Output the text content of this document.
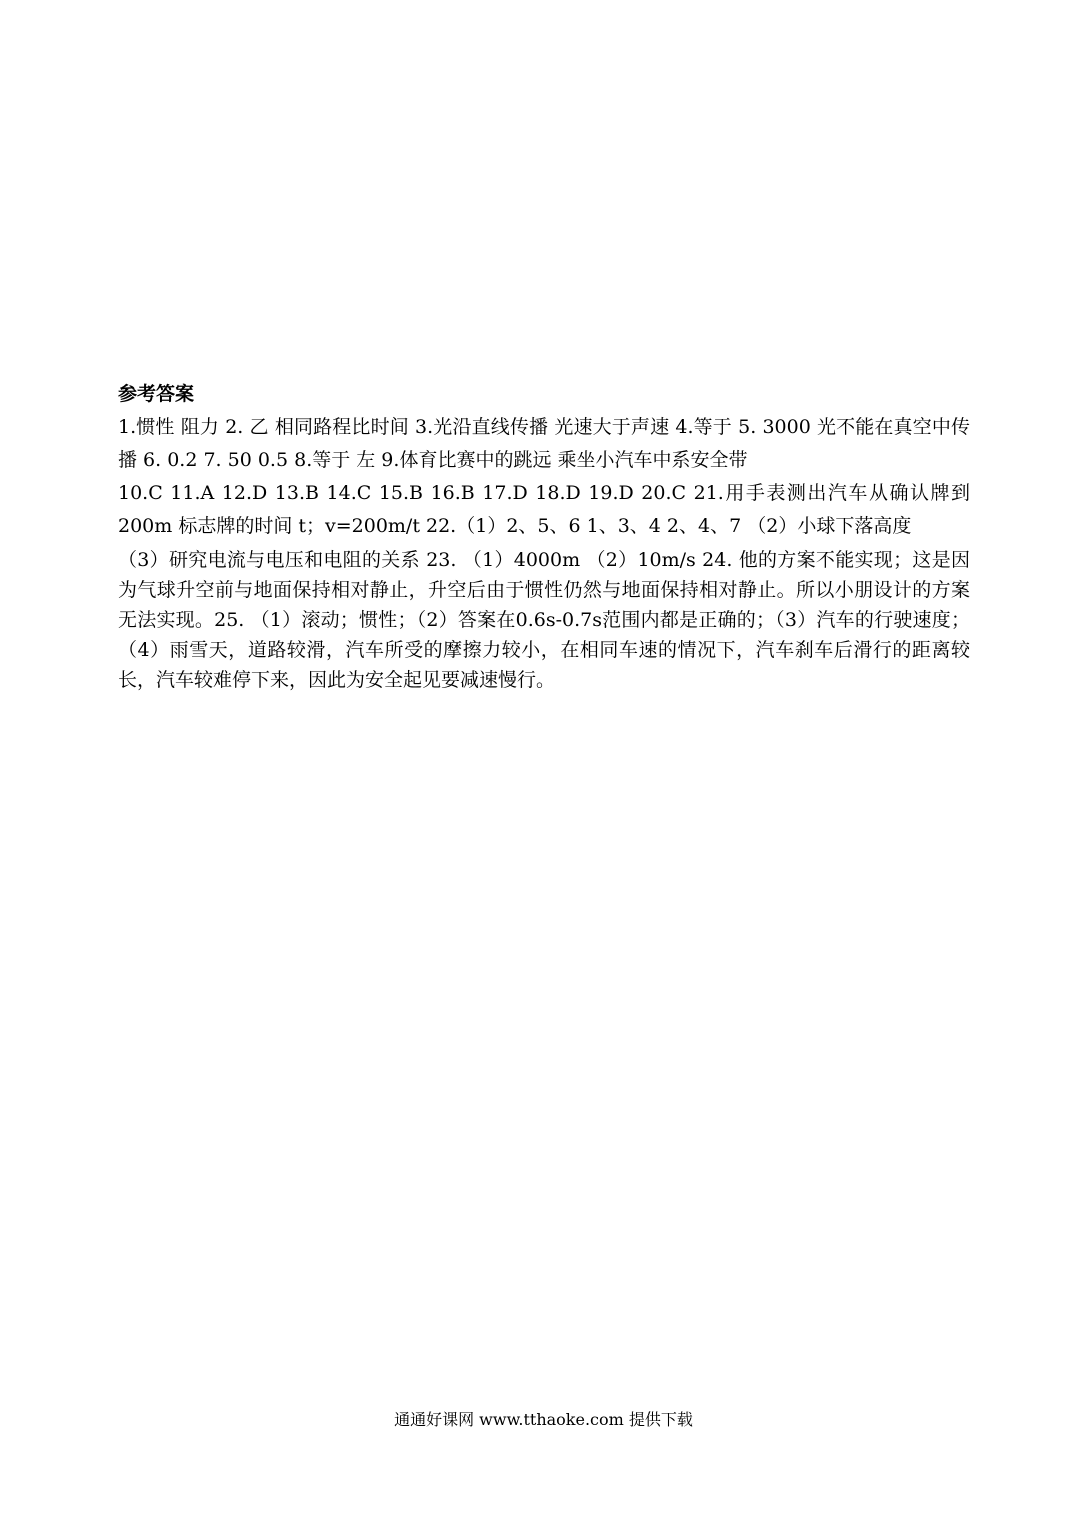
参考答案

1.惯性 阻力 2. 乙 相同路程比时间 3.光沿直线传播 光速大于声速 4.等于 5. 3000 光不能在真空中传播 6. 0.2 7. 50 0.5 8.等于 左 9.体育比赛中的跳远 乘坐小汽车中系安全带

10.C 11.A 12.D 13.B 14.C 15.B 16.B 17.D 18.D 19.D 20.C 21.用手表测出汽车从确认牌到200m 标志牌的时间 t；v=200m/t 22.（1）2、5、6 1、3、4 2、4、7 （2）小球下落高度

（3）研究电流与电压和电阻的关系 23. （1）4000m （2）10m/s 24. 他的方案不能实现；这是因为气球升空前与地面保持相对静止，升空后由于惯性仍然与地面保持相对静止。所以小朋设计的方案无法实现。25. （1）滚动；惯性；（2）答案在0.6s-0.7s范围内都是正确的；（3）汽车的行驶速度；（4）雨雪天，道路较滑，汽车所受的摩擦力较小，在相同车速的情况下，汽车刹车后滑行的距离较长，汽车较难停下来，因此为安全起见要减速慢行。

通通好课网 www.tthaoke.com 提供下载
